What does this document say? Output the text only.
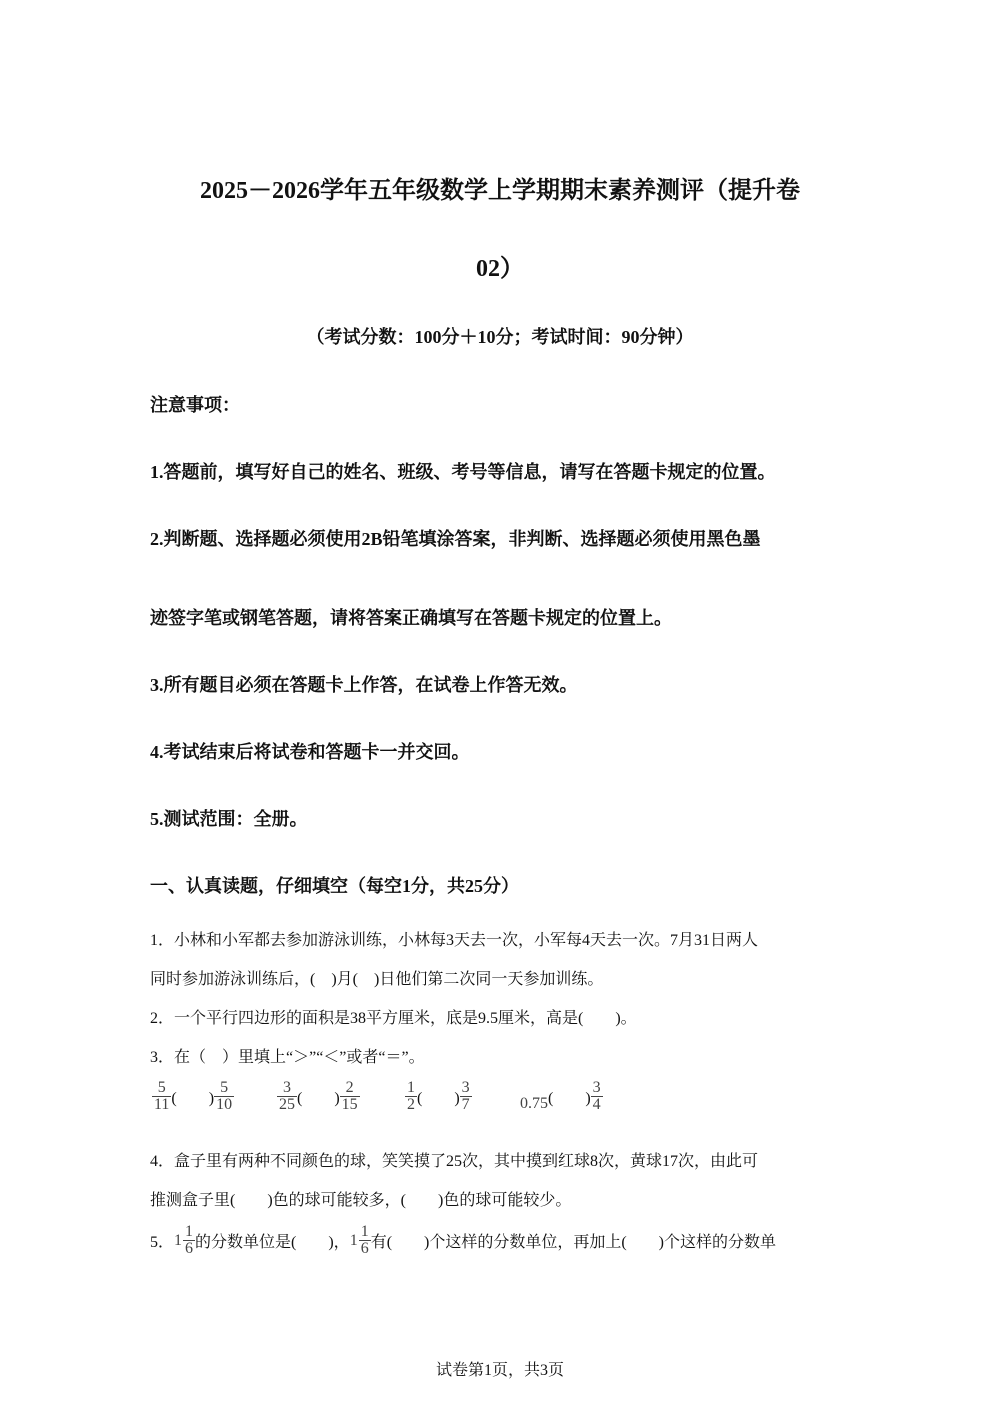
2025－2026学年五年级数学上学期期末素养测评（提升卷
02）
（考试分数：100分＋10分；考试时间：90分钟）
注意事项：
1.答题前，填写好自己的姓名、班级、考号等信息，请写在答题卡规定的位置。
2.判断题、选择题必须使用2B铅笔填涂答案，非判断、选择题必须使用黑色墨
迹签字笔或钢笔答题，请将答案正确填写在答题卡规定的位置上。
3.所有题目必须在答题卡上作答，在试卷上作答无效。
4.考试结束后将试卷和答题卡一并交回。
5.测试范围：全册。
一、认真读题，仔细填空（每空1分，共25分）
1．小林和小军都去参加游泳训练，小林每3天去一次，小军每4天去一次。7月31日两人
同时参加游泳训练后，(　)月(　)日他们第二次同一天参加训练。
2．一个平行四边形的面积是38平方厘米，底是9.5厘米，高是(　　)。
3．在（　）里填上“＞”“＜”或者“＝”。
$\frac{5}{11}$ (　　) $\frac{5}{10}$	$\frac{3}{25}$ (　　) $\frac{2}{15}$	$\frac{1}{2}$ (　　) $\frac{3}{7}$	0.75(　　) $\frac{3}{4}$
4．盒子里有两种不同颜色的球，笑笑摸了25次，其中摸到红球8次，黄球17次，由此可
推测盒子里(　　)色的球可能较多，(　　)色的球可能较少。
5． $1 \frac{1}{6}$ 的分数单位是(　　)， $1 \frac{1}{6}$ 有(　　)个这样的分数单位，再加上(　　)个这样的分数单
试卷第1页，共3页
